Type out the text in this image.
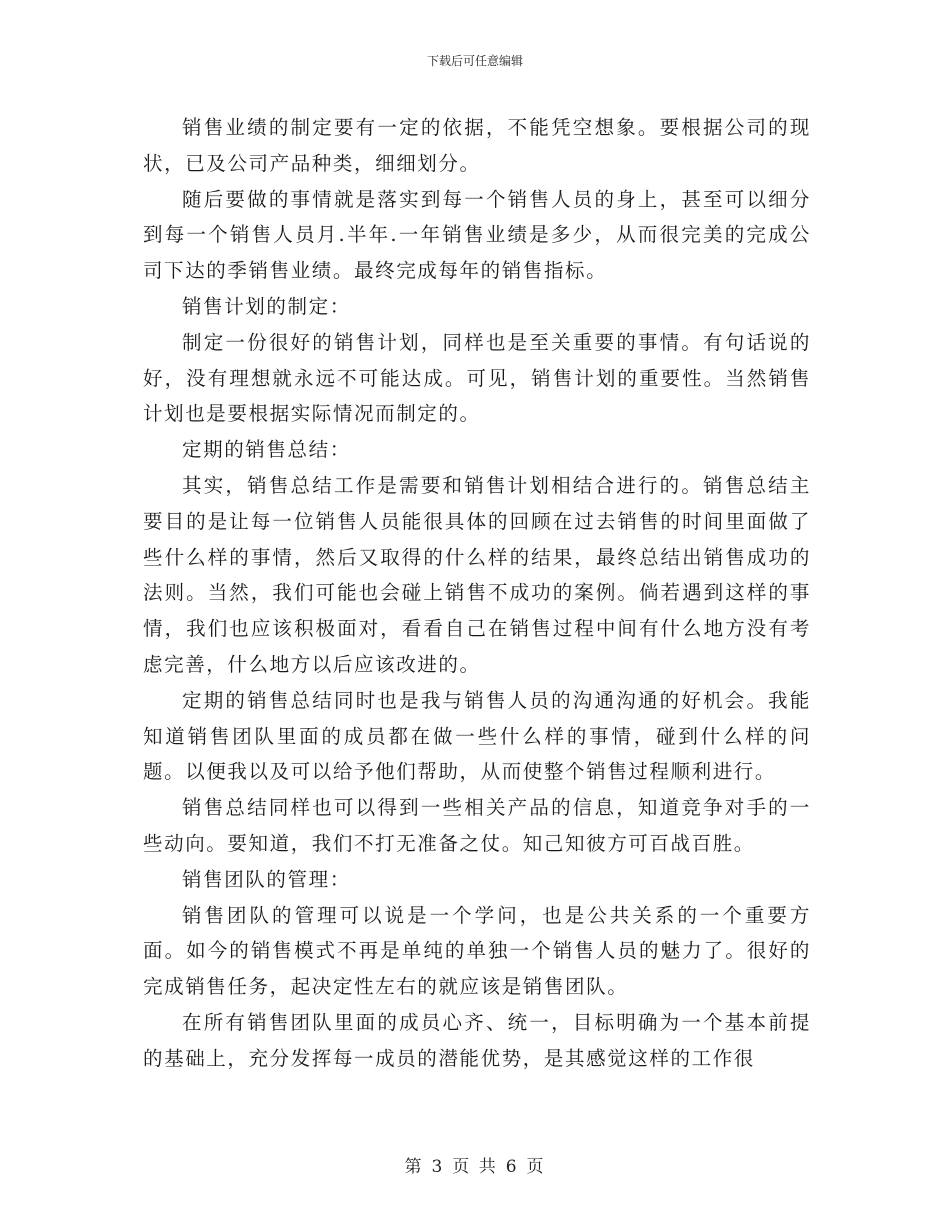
下载后可任意编辑

销售业绩的制定要有一定的依据，不能凭空想象。要根据公司的现状，已及公司产品种类，细细划分。

随后要做的事情就是落实到每一个销售人员的身上，甚至可以细分到每一个销售人员月.半年.一年销售业绩是多少，从而很完美的完成公司下达的季销售业绩。最终完成每年的销售指标。

销售计划的制定：

制定一份很好的销售计划，同样也是至关重要的事情。有句话说的好，没有理想就永远不可能达成。可见，销售计划的重要性。当然销售计划也是要根据实际情况而制定的。

定期的销售总结：

其实，销售总结工作是需要和销售计划相结合进行的。销售总结主要目的是让每一位销售人员能很具体的回顾在过去销售的时间里面做了些什么样的事情，然后又取得的什么样的结果，最终总结出销售成功的法则。当然，我们可能也会碰上销售不成功的案例。倘若遇到这样的事情，我们也应该积极面对，看看自己在销售过程中间有什么地方没有考虑完善，什么地方以后应该改进的。

定期的销售总结同时也是我与销售人员的沟通沟通的好机会。我能知道销售团队里面的成员都在做一些什么样的事情，碰到什么样的问题。以便我以及可以给予他们帮助，从而使整个销售过程顺利进行。

销售总结同样也可以得到一些相关产品的信息，知道竞争对手的一些动向。要知道，我们不打无准备之仗。知己知彼方可百战百胜。

销售团队的管理：

销售团队的管理可以说是一个学问，也是公共关系的一个重要方面。如今的销售模式不再是单纯的单独一个销售人员的魅力了。很好的完成销售任务，起决定性左右的就应该是销售团队。

在所有销售团队里面的成员心齐、统一，目标明确为一个基本前提的基础上，充分发挥每一成员的潜能优势，是其感觉这样的工作很

第 3 页 共 6 页
